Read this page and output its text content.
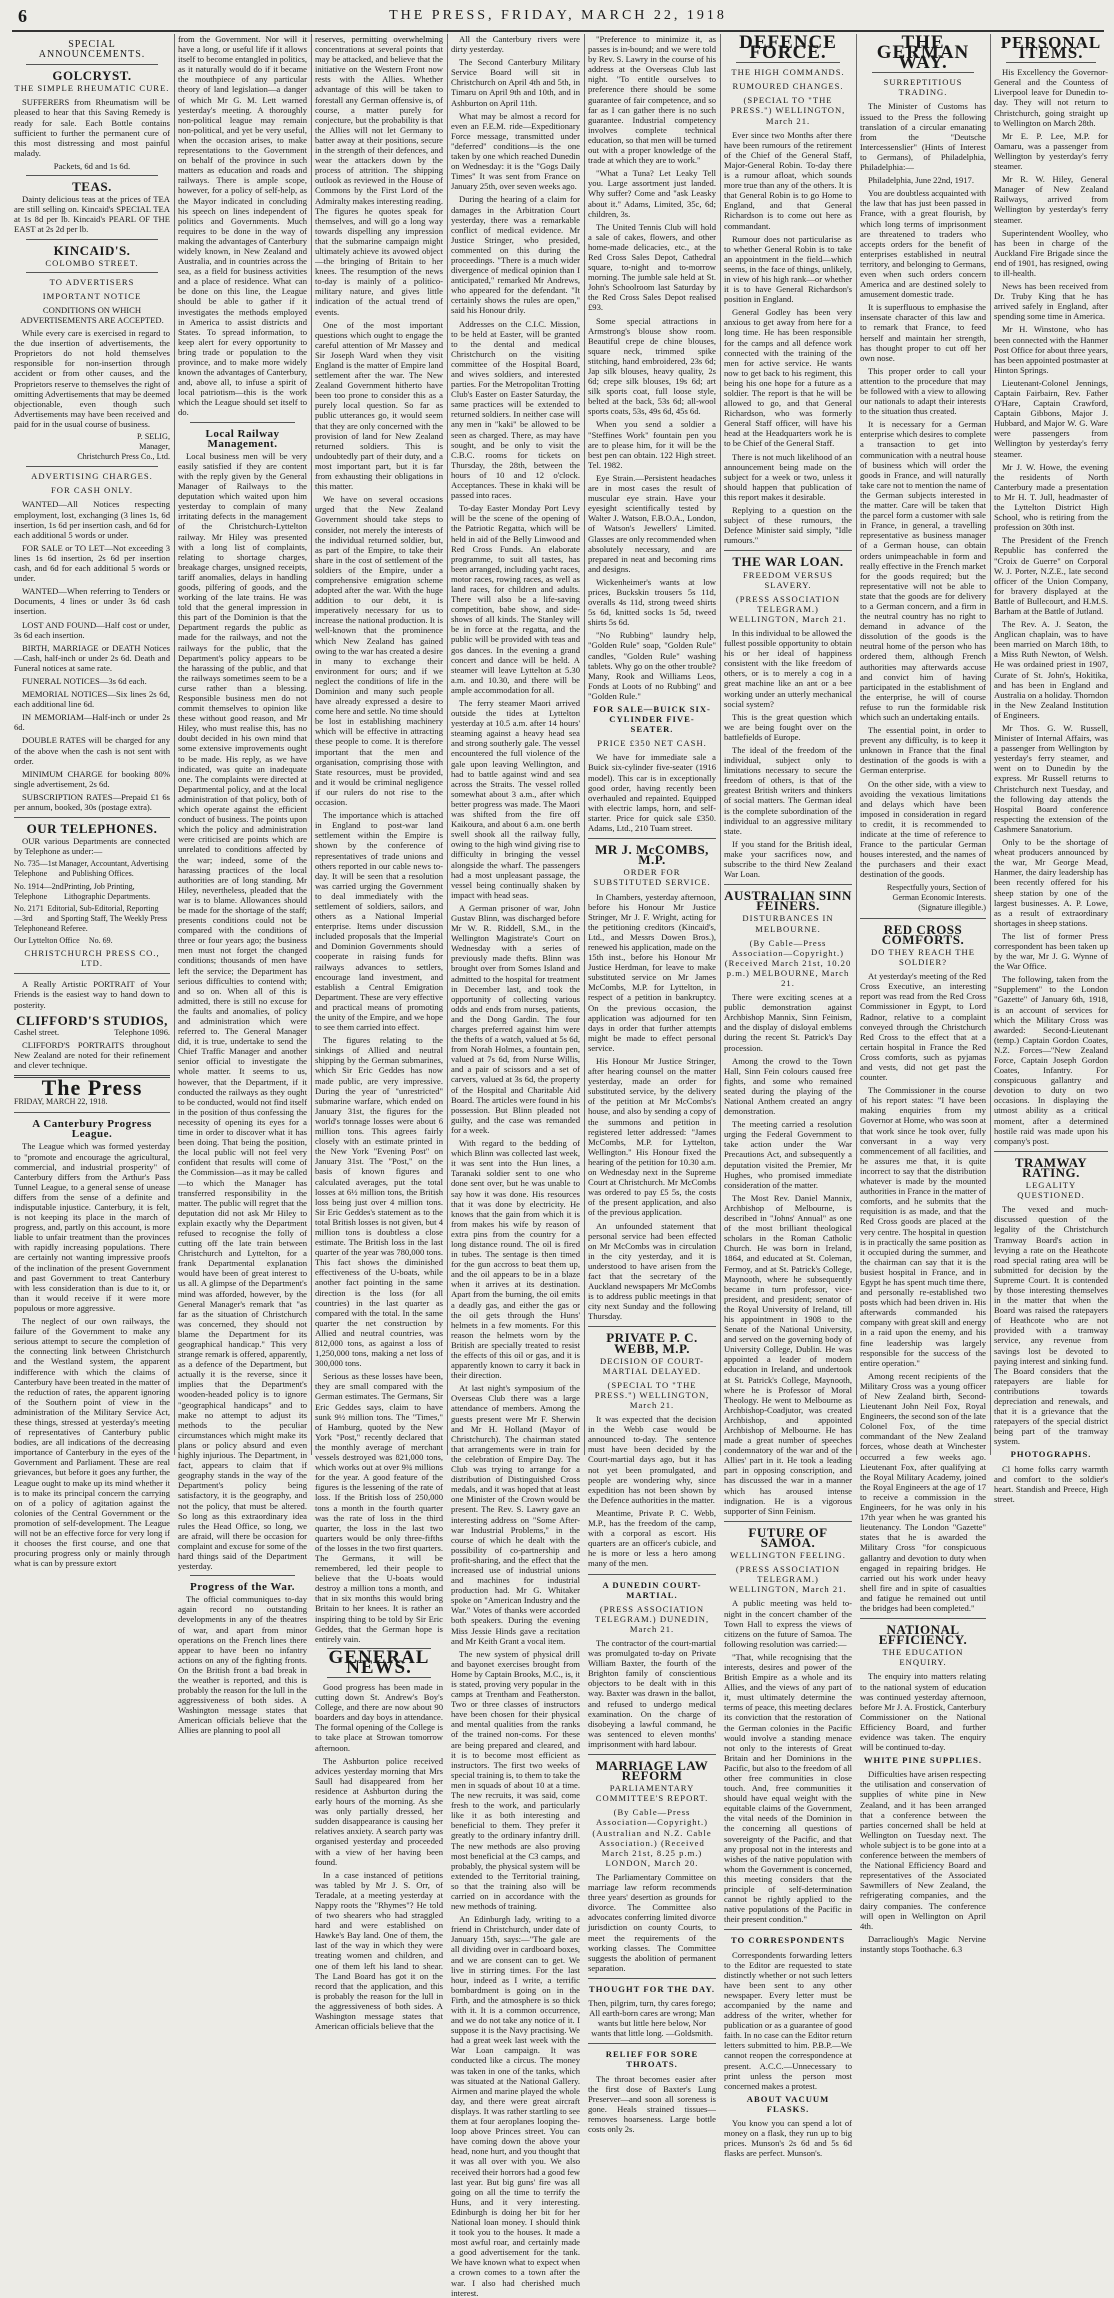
6	THE PRESS, FRIDAY, MARCH 22, 1918
SPECIAL ANNOUNCEMENTS.
GOLCRYST.
THE SIMPLE RHEUMATIC CURE.

SUFFERERS from Rheumatism will be pleased to hear that this Saving Remedy is ready for sale. Each Bottle contains sufficient to further the permanent cure of this most distressing and most painful malady.

Packets, 6d and 1s 6d.

TEAS.

Dainty delicious teas at the prices of TEA are still selling on. Kincaid's SPECIAL TEA at 1s 8d per lb. Kincaid's PEARL OF THE EAST at 2s 2d per lb.

KINCAID'S.
COLOMBO STREET.
TO ADVERTISERS
IMPORTANT NOTICE

CONDITIONS ON WHICH ADVERTISEMENTS ARE ACCEPTED.

While every care is exercised in regard to the due insertion of advertisements, the Proprietors do not hold themselves responsible for non-insertion through accident or from other causes, and the Proprietors reserve to themselves the right of omitting Advertisements that may be deemed objectionable, even though such Advertisements may have been received and paid for in the usual course of business.

P. SELIG,
Manager,
Christchurch Press Co., Ltd.
ADVERTISING CHARGES.
FOR CASH ONLY.

WANTED—All Notices respecting employment, lost, exchanging (3 lines 1s, 6d insertion, 1s 6d per insertion cash, and 6d for each additional 5 words or under.

FOR SALE or TO LET—Not exceeding 3 lines 1s 6d insertion, 2s 6d per insertion cash, and 6d for each additional 5 words or under.

WANTED—When referring to Tenders or Documents, 4 lines or under 3s 6d cash insertion.

LOST AND FOUND—Half cost or under, 3s 6d each insertion.

BIRTH, MARRIAGE or DEATH Notices—Cash, half-inch or under 2s 6d. Death and Funeral notices at same rate.

FUNERAL NOTICES—3s 6d each.

MEMORIAL NOTICES—Six lines 2s 6d, each additional line 6d.

IN MEMORIAM—Half-inch or under 2s 6d.

DOUBLE RATES will be charged for any of the above when the cash is not sent with order.

MINIMUM CHARGE for booking 80% single advertisement, 2s 6d.

SUBSCRIPTION RATES—Prepaid £1 6s per annum, booked, 30s (postage extra).

OUR TELEPHONES.

OUR various Departments are connected by Telephone as under:—

No. 735—1st Telephone
Manager, Accountant, Advertising and Publishing Offices.
No. 1914—2nd Telephone
Printing, Job Printing, Lithographic Departments.
No. 2171—3rd Telephone
Editorial, Sub-Editorial, Reporting and Sporting Staff, The Weekly Press and Referee.
Our Lyttelton Office	No. 69.
CHRISTCHURCH PRESS CO., LTD.

A Really Artistic PORTRAIT of Your Friends is the easiest way to hand down to posterity.

CLIFFORD'S STUDIOS,
Cashel street.	Telephone 1096.

CLIFFORD'S PORTRAITS throughout New Zealand are noted for their refinement and clever technique.

The Press
FRIDAY, MARCH 22, 1918.
A Canterbury Progress League.

The League which was formed yesterday to "promote and encourage the agricultural, commercial, and industrial prosperity" of Canterbury differs from the Arthur's Pass Tunnel League, to a general sense of unease differs from the sense of a definite and indisputable injustice. Canterbury, it is felt, is not keeping its place in the march of progress, and, partly on this account, is more liable to unfair treatment than the provinces with rapidly increasing populations. There are certainly not wanting impressive proofs of the inclination of the present Government and past Government to treat Canterbury with less consideration than is due to it, or than it would receive if it were more populous or more aggressive.

The neglect of our own railways, the failure of the Government to make any serious attempt to secure the completion of the connecting link between Christchurch and the Westland system, the apparent indifference with which the claims of Canterbury have been treated in the matter of the reduction of rates, the apparent ignoring of the Southern point of view in the administration of the Military Service Act, these things, stressed at yesterday's meeting of representatives of Canterbury public bodies, are all indications of the decreasing importance of Canterbury in the eyes of the Government and Parliament. These are real grievances, but before it goes any further, the League ought to make up its mind whether it is to make its principal concern the carrying on of a policy of agitation against the colonies of the Central Government or the promotion of self-development. The League will not be an effective force for very long if it chooses the first course, and one that procuring progress only or mainly through what is can by pressure extort

from the Government. Nor will it have a long, or useful life if it allows itself to become entangled in politics, as it naturally would do if it became the mouthpiece of any particular theory of land legislation—a danger of which Mr G. M. Lett warned yesterday's meeting. A thoroughly non-political league may remain non-political, and yet be very useful, when the occasion arises, to make representations to the Government on behalf of the province in such matters as education and roads and railways. There is ample scope, however, for a policy of self-help, as the Mayor indicated in concluding his speech on lines independent of politics and Governments. Much requires to be done in the way of making the advantages of Canterbury widely known, in New Zealand and Australia, and in countries across the sea, as a field for business activities and a place of residence. What can be done on this line, the League should be able to gather if it investigates the methods employed in America to assist districts and States. To spread information, to keep alert for every opportunity to bring trade or population to the province, and to make more widely known the advantages of Canterbury, and, above all, to infuse a spirit of local patriotism—this is the work which the League should set itself to do.

Local Railway Management.

Local business men will be very easily satisfied if they are content with the reply given by the General Manager of Railways to the deputation which waited upon him yesterday to complain of many irritating defects in the management of the Christchurch-Lyttelton railway. Mr Hiley was presented with a long list of complaints, relating to shortage charges, breakage charges, unsigned receipts, tariff anomalies, delays in handling goods, pilfering of goods, and the working of the late trains. He was told that the general impression in this part of the Dominion is that the Department regards the public as made for the railways, and not the railways for the public, that the Department's policy appears to be the harassing of the public, and that the railways sometimes seem to be a curse rather than a blessing. Responsible business men do not commit themselves to opinion like these without good reason, and Mr Hiley, who must realise this, has no doubt decided in his own mind that some extensive improvements ought to be made. His reply, as we have indicated, was quite an inadequate one. The complaints were directed at Departmental policy, and at the local administration of that policy, both of which operate against the efficient conduct of business. The points upon which the policy and administration were criticised are points which are unrelated to conditions affected by the war; indeed, some of the harassing practices of the local authorities are of long standing. Mr Hiley, nevertheless, pleaded that the war is to blame. Allowances should be made for the shortage of the staff; presents conditions could not be compared with the conditions of three or four years ago; the business men must not forget the changed conditions; thousands of men have left the service; the Department has serious difficulties to contend with; and so on. When all of this is admitted, there is still no excuse for the faults and anomalies, of policy and administration which were referred to. The General Manager did, it is true, undertake to send the Chief Traffic Manager and another senior official to investigate the whole matter. It seems to us, however, that the Department, if it conducted the railways as they ought to be conducted, would not find itself in the position of thus confessing the necessity of opening its eyes for a time in order to discover what it has been doing. That being the position, the local public will not feel very confident that results will come of the Commission—as it may be called—to which the Manager has transferred responsibility in the matter. The public will regret that the deputation did not ask Mr Hiley to explain exactly why the Department refused to recognise the folly of cutting off the late train between Christchurch and Lyttelton, for a frank Departmental explanation would have been of great interest to us all. A glimpse of the Department's mind was afforded, however, by the General Manager's remark that "as far as the situation of Christchurch was concerned, they should not blame the Department for its geographical handicap." This very strange remark is offered, apparently, as a defence of the Department, but actually it is the reverse, since it implies that the Department's wooden-headed policy is to ignore "geographical handicaps" and to make no attempt to adjust its methods to the peculiar circumstances which might make its plans or policy absurd and even highly injurious. The Department, in fact, appears to claim that if geography stands in the way of the Department's policy being satisfactory, it is the geography, and not the policy, that must be altered. So long as this extraordinary idea rules the Head Office, so long, we are afraid, will there be occasion for complaint and excuse for some of the hard things said of the Department yesterday.

Progress of the War.

The official communiques to-day again record no outstanding developments in any of the theatres of war, and apart from minor operations on the French lines there appear to have been no infantry actions on any of the fighting fronts. On the British front a bad break in the weather is reported, and this is probably the reason for the lull in the aggressiveness of both sides. A Washington message states that American officials believe that the Allies are planning to pool all

reserves, permitting overwhelming concentrations at several points that may be attacked, and believe that the initiative on the Western Front now rests with the Allies. Whether advantage of this will be taken to forestall any German offensive is, of course, a matter purely for conjecture, but the probability is that the Allies will not let Germany to batter away at their positions, secure in the strength of their defences, and wear the attackers down by the process of attrition. The shipping outlook as reviewed in the House of Commons by the First Lord of the Admiralty makes interesting reading. The figures he quotes speak for themselves, and will go a long way towards dispelling any impression that the submarine campaign might ultimately achieve its avowed object—the bringing of Britain to her knees. The resumption of the news to-day is mainly of a politico-military nature, and gives little indication of the actual trend of events.

One of the most important questions which ought to engage the careful attention of Mr Massey and Sir Joseph Ward when they visit England is the matter of Empire land settlement after the war. The New Zealand Government hitherto have been too prone to consider this as a purely local question. So far as public utterances go, it would seem that they are only concerned with the provision of land for New Zealand returned soldiers. This is undoubtedly part of their duty, and a most important part, but it is far from exhausting their obligations in this matter.

We have on several occasions urged that the New Zealand Government should take steps to consider, not merely the interests of the individual returned soldier, but, as part of the Empire, to take their share in the cost of settlement of the soldiers of the Empire, under a comprehensive emigration scheme adopted after the war. With the huge addition to our debt, it is imperatively necessary for us to increase the national production. It is well-known that the prominence which New Zealand has gained owing to the war has created a desire in many to exchange their environment for ours; and if we neglect the conditions of life in the Dominion and many such people have already expressed a desire to come here and settle. No time should be lost in establishing machinery which will be effective in attracting these people to come. It is therefore important that the men and organisation, comprising those with State resources, must be provided, and it would be criminal negligence if our rulers do not rise to the occasion.

The importance which is attached in England to post-war land settlement within the Empire is shown by the conference of representatives of trade unions and others reported in our cable news to-day. It will be seen that a resolution was carried urging the Government to deal immediately with the settlement of soldiers, sailors, and others as a National Imperial enterprise. Items under discussion included proposals that the Imperial and Dominion Governments should cooperate in raising funds for railways advances to settlers, encourage land investment, and establish a Central Emigration Department. These are very effective and practical means of promoting the unity of the Empire, and we hope to see them carried into effect.

The figures relating to the sinkings of Allied and neutral shipping by the German submarines, which Sir Eric Geddes has now made public, are very impressive. During the year of "unrestricted" submarine warfare, which ended on January 31st, the figures for the world's tonnage losses were about 6 million tons. This agrees fairly closely with an estimate printed in the New York "Evening Post" on January 31st. The "Post," on the basis of known figures and calculated averages, put the total losses at 6½ million tons, the British loss being just over 4 million tons. Sir Eric Geddes's statement as to the total British losses is not given, but 4 million tons is doubtless a close estimate. The British loss in the last quarter of the year was 780,000 tons. This fact shows the diminished effectiveness of the U-boats, while another fact pointing in the same direction is the loss (for all countries) in the last quarter as compared with the total. In the same quarter the net construction by Allied and neutral countries, was 812,000 tons, as against a loss of 1,250,000 tons, making a net loss of 300,000 tons.

Serious as these losses have been, they are small compared with the German estimates. The Germans, Sir Eric Geddes says, claim to have sunk 9½ million tons. The "Times," of Hamburg, quoted by the New York "Post," recently declared that the monthly average of merchant vessels destroyed was 821,000 tons, which works out at over 9¾ millions for the year. A good feature of the figures is the lessening of the rate of loss. If the British loss of 250,000 tons a month in the fourth quarter was the rate of loss in the third quarter, the loss in the last two quarters would be only three-fifths of the losses in the two first quarters. The Germans, it will be remembered, led their people to believe that the U-boats would destroy a million tons a month, and that in six months this would bring Britain to her knees. It is rather an inspiring thing to be told by Sir Eric Geddes, that the German hope is entirely vain.

GENERAL NEWS.

Good progress has been made in cutting down St. Andrew's Boy's College, and there are now about 90 boarders and day boys in attendance. The formal opening of the College is to take place at Strowan tomorrow afternoon.

The Ashburton police received advices yesterday morning that Mrs Saull had disappeared from her residence at Ashburton during the early hours of the morning. As she was only partially dressed, her sudden disappearance is causing her relatives anxiety. A search party was organised yesterday and proceeded with a view of her having been found.

In a case instanced of petitions was tabled by Mr J. S. Orr, of Teradale, at a meeting yesterday at Nappy roots the "Rhymes"? He told of two shearers who had straggled hard and were established on Hawke's Bay land. One of them, the last of the way in which they were treating women and children, and one of them left his land to shear. The Land Board has got it on the record that the application, and this is probably the reason for the lull in the aggressiveness of both sides. A Washington message states that American officials believe that the

All the Canterbury rivers were dirty yesterday.

The Second Canterbury Military Service Board will sit in Christchurch on April 4th and 5th, in Timaru on April 9th and 10th, and in Ashburton on April 11th.

What may be almost a record for even an F.E.M. ride—Expeditionary Force message, transmitted under "deferred" conditions—is the one taken by one which reached Dunedin on Wednesday: it is the "Gogs Daily Times" It was sent from France on January 25th, over seven weeks ago.

During the hearing of a claim for damages in the Arbitration Court yesterday, there was a remarkable conflict of medical evidence. Mr Justice Stringer, who presided, commented on this during the proceedings. "There is a much wider divergence of medical opinion than I anticipated," remarked Mr Andrews, who appeared for the defendant. "It certainly shows the rules are open," said his Honour drily.

Addresses on the C.I.C. Mission, to be held at Easter, will be granted to the dental and medical Christchurch on the visiting committee of the Hospital Board, and wives soldiers, and interested parties. For the Metropolitan Trotting Club's Easter on Easter Saturday, the same practices will be extended to returned soldiers. In neither case will any men in "kaki" be allowed to be seen as charged. There, as may have sought, and be only to visit the C.B.C. rooms for tickets on Thursday, the 28th, between the hours of 10 and 12 o'clock. Acceptances. These in khaki will be passed into races.

To-day Easter Monday Port Levy will be the scene of the opening of the Patriotic Regatta, which will be held in aid of the Belly Linwood and Red Cross Funds. An elaborate programme, to suit all tastes, has been arranged, including yacht races, motor races, rowing races, as well as land races, for children and adults. There will also be a life-saving competition, babe show, and side-shows of all kinds. The Stanley will be in force at the regatta, and the public will be provided with teas and gos dances. In the evening a grand concert and dance will be held. A steamer will leave Lyttelton at 5.30 a.m. and 10.30, and there will be ample accommodation for all.

The ferry steamer Maori arrived outside the tides at Lyttelton yesterday at 10.5 a.m. after 14 hours' steaming against a heavy head sea and strong southerly gale. The vessel encountered the full violence of the gale upon leaving Wellington, and had to battle against wind and sea across the Straits. The vessel rolled somewhat about 3 a.m., after which better progress was made. The Maori was shifted from the fire off Kaikoura, and about 6 a.m. one berth swell shook all the railway fully, owing to the high wind giving rise to difficulty in bringing the vessel alongside the wharf. The passengers had a most unpleasant passage, the vessel being continually shaken by impact with head seas.

A German prisoner of war, John Gustav Blinn, was discharged before Mr W. R. Riddell, S.M., in the Wellington Magistrate's Court on Wednesday with a series of previously made thefts. Blinn was brought over from Somes Island and admitted to the hospital for treatment in December last, and took the opportunity of collecting various odds and ends from nurses, patients, and the Dong Gardin. The four charges preferred against him were the thefts of a watch, valued at 5s 6d, from Norah Holmes, a fountain pen, valued at 7s 6d, from Nurse Willis, and a pair of scissors and a set of carvers, valued at 3s 6d, the property of the Hospital and Charitable Aid Board. The articles were found in his possession. But Blinn pleaded not guilty, and the case was remanded for a week.

With regard to the bedding of which Blinn was collected last week, it was sent into the Hun lines, a Taranaki soldier sent to one who done sent over, but he was unable to say how it was done. His resources that it was done by electricity. He knows that the gain from which it is from makes his wife by reason of extra pins from the country for a long distance round. The oil is fired in tubes. The sentage is then timed for the gun accross to beat them up, and the oil appears to be in a blaze when it arrives at its destination. Apart from the burning, the oil emits a deadly gas, and either the gas or the oil gets through the Huns' helmets in a few moments. For this reason the helmets worn by the British are specially treated to resist the effects of this oil or gas, and it is apparently known to carry it back in their direction.

At last night's symposium of the Overseas Club there was a large attendance of members. Among the guests present were Mr F. Sherwin and Mr H. Holland (Mayor of Christchurch). The chairman stated that arrangements were in train for the celebration of Empire Day. The Club was trying to arrange for a distribution of Distinguished Cross medals, and it was hoped that at least one Minister of the Crown would be present. The Rev. S. Lawry gave an interesting address on "Some After-war Industrial Problems," in the course of which he dealt with the possibility of co-partnership and profit-sharing, and the effect that the increased use of industrial unions and machines for industrial production had. Mr G. Whitaker spoke on "American Industry and the War." Votes of thanks were accorded both speakers. During the evening Miss Jessie Hinds gave a recitation and Mr Keith Grant a vocal item.

The new system of physical drill and bayonet exercises brought from Home by Captain Brooks, M.C., is, it is stated, proving very popular in the camps at Trentham and Featherston. Two or three classes of instructors have been chosen for their physical and mental qualities from the ranks of the trained non-coms. For these are being prepared and cleared, and it is to become most efficient as instructors. The first two weeks of special training is, to them to take the men in squads of about 10 at a time. The new recruits, it was said, come fresh to the work, and particularly like it as both interesting and beneficial to them. They prefer it greatly to the ordinary infantry drill. The new methods are also proving most beneficial at the C3 camps, and probably, the physical system will be extended to the Territorial training, so that the training also will be carried on in accordance with the new methods of training.

An Edinburgh lady, writing to a friend in Christchurch, under date of January 15th, says:—"The gale are all dividing over in cardboard boxes, and we are consent can to get. We live in stirring times. For the last hour, indeed as I write, a terrific bombardment is going on in the Firth, and the atmosphere is so thick with it. It is a common occurrence, and we do not take any notice of it. I suppose it is the Navy practising. We had a great week last week with the War Loan campaign. It was conducted like a circus. The money was taken in one of the tanks, which was situated at the National Gallery. Airmen and marine played the whole day, and there were great aircraft displays. It was rather startling to see them at four aeroplanes looping the-loop above Princes street. You can have coming down the above your head, none hurt, and you thought that it was all over with you. We also received their horrors had a good few last year. But big guns' fire was all going on all the time to terrify the Huns, and it very interesting. Edinburgh is doing her bit for her National loan money. I should think it took you to the houses. It made a most awful roar, and certainly made a good advertisement for the tank. We have known what to expect when a crown comes to a town after the war. I also had cherished much interest.

"Preference to minimize it, as passes is in-bound; and we were told by Rev. S. Lawry in the course of his address at the Overseas Club last night. "To entitle ourselves to preference there should be some guarantee of fair competence, and so far as I can gather there is no such guarantee. Industrial competency involves complete technical education, so that men will be turned out with a proper knowledge of the trade at which they are to work."

"What a Tuna? Let Leaky Tell you. Large assortment just landed. Why suffer? Come and "ask Leasky about it." Adams, Limited, 35c, 6d; children, 3s.

The United Tennis Club will hold a sale of cakes, flowers, and other home-made delicacies, etc., at the Red Cross Sales Depot, Cathedral square, to-night and to-morrow morning. The jumble sale held at St. John's Schoolroom last Saturday by the Red Cross Sales Depot realised £93.

Some special attractions in Armstrong's blouse show room. Beautiful crepe de chine blouses, square neck, trimmed spike stitching, hand embroidered, 23s 6d; Jap silk blouses, heavy quality, 2s 6d; crepe silk blouses, 19s 6d; art silk sports coat, full loose style, belted at the back, 53s 6d; all-wool sports coats, 53s, 49s 6d, 45s 6d.

When you send a soldier a "Steffines Work" fountain pen you are to please him, for it will be the best pen can obtain. 122 High street. Tel. 1982.

Eye Strain.—Persistent headaches are in most cases the result of muscular eye strain. Have your eyesight scientifically tested by Walter J. Watson, F.B.O.A., London, of Watson's Jewellers' Limited. Glasses are only recommended when absolutely necessary, and are prepared in neat and becoming rims and designs.

Wickenheimer's wants at low prices, Buckskin trousers 5s 11d, overalls 4s 11d, strong tweed shirts 5s 6d, knitted socks 1s 5d, tweed shirts 5s 6d.

"No Rubbing" laundry help, "Golden Rule" soap, "Golden Rule" candles, "Golden Rule" washing tablets. Why go on the other trouble? Many, Rook and Williams Leos, Fonds at Loots of no Rubbing" and "Golden Rule."

FOR SALE—BUICK SIX-CYLINDER FIVE-SEATER.
PRICE £350 NET CASH.

We have for immediate sale a Buick six-cylinder five-seater (1916 model). This car is in exceptionally good order, having recently been overhauled and repainted. Equipped with electric lamps, horn, and self-starter. Price for quick sale £350. Adams, Ltd., 210 Tuam street.

MR J. McCOMBS, M.P.
ORDER FOR SUBSTITUTED SERVICE.

In Chambers, yesterday afternoon, before his Honour Mr Justice Stringer, Mr J. F. Wright, acting for the petitioning creditors (Kincaid's, Ltd., and Messrs Dowen Bros.), renewed his application, made on the 15th inst., before his Honour Mr Justice Herdman, for leave to make substituted service on Mr James McCombs, M.P. for Lyttelton, in respect of a petition in bankruptcy. On the previous occasion, the application was adjourned for ten days in order that further attempts might be made to effect personal service.

His Honour Mr Justice Stringer, after hearing counsel on the matter yesterday, made an order for substituted service, by the delivery of the petition at Mr McCombs's house, and also by sending a copy of the summons and petition in registered letter addressed: "James McCombs, M.P. for Lyttelton, Wellington." His Honour fixed the hearing of the petition for 10.30 a.m. on Wednesday next in the Supreme Court at Christchurch. Mr McCombs was ordered to pay £5 5s, the costs of the present application, and also of the previous application.

An unfounded statement that personal service had been effected on Mr McCombs was in circulation in the city yesterday, and it is understood to have arisen from the fact that the secretary of the Auckland newspapers Mr McCombs is to address public meetings in that city next Sunday and the following Thursday.

PRIVATE P. C. WEBB, M.P.
DECISION OF COURT-MARTIAL DELAYED.
(SPECIAL TO "THE PRESS.") WELLINGTON, March 21.

It was expected that the decision in the Webb case would be announced to-day. The sentence must have been decided by the Court-martial days ago, but it has not yet been promulgated, and people are wondering why, since expedition has not been shown by the Defence authorities in the matter.

Meantime, Private P. C. Webb, M.P., has the freedom of the camp, with a corporal as escort. His quarters are an officer's cubicle, and he is more or less a hero among many of the men.

A DUNEDIN COURT-MARTIAL.
(PRESS ASSOCIATION TELEGRAM.) DUNEDIN, March 21.

The contractor of the court-martial was promulgated to-day on Private William Baxter, the fourth of the Brighton family of conscientious objectors to be dealt with in this way. Baxter was drawn in the ballot, and refused to undergo medical examination. On the charge of disobeying a lawful command, he was sentenced to eleven months' imprisonment with hard labour.

MARRIAGE LAW REFORM
PARLIAMENTARY COMMITTEE'S REPORT.
(By Cable—Press Association—Copyright.) (Australian and N.Z. Cable Association.) (Received March 21st, 8.25 p.m.) LONDON, March 20.

The Parliamentary Committee on marriage law reform recommends three years' desertion as grounds for divorce. The Committee also advocates conferring limited divorce jurisdiction on county Courts, to meet the requirements of the working classes. The Committee suggests the abolition of permanent separation.

THOUGHT FOR THE DAY.

Then, pilgrim, turn, thy cares forego; All earth-born cares are wrong; Man wants but little here below, Nor wants that little long. —Goldsmith.

RELIEF FOR SORE THROATS.

The throat becomes easier after the first dose of Baxter's Lung Preserver—and soon all soreness is gone. Heals strained tissues—removes hoarseness. Large bottle costs only 2s.

DEFENCE FORCE.
THE HIGH COMMANDS.
RUMOURED CHANGES.
(SPECIAL TO "THE PRESS.") WELLINGTON, March 21.

Ever since two Months after there have been rumours of the retirement of the Chief of the General Staff, Major-General Robin. To-day there is a rumour afloat, which sounds more true than any of the others. It is that General Robin is to go Home to England, and that General Richardson is to come out here as commandant.

Rumour does not particularise as to whether General Robin is to take an appointment in the field—which seems, in the face of things, unlikely, in view of his high rank—or whether it is to have General Richardson's position in England.

General Godley has been very anxious to get away from here for a long time. He has been responsible for the camps and all defence work connected with the training of the men for active service. He wants now to get back to his regiment, this being his one hope for a future as a soldier. The report is that he will be allowed to go, and that General Richardson, who was formerly General Staff officer, will have his head at the Headquarters work he is to be Chief of the General Staff.

There is not much likelihood of an announcement being made on the subject for a week or two, unless it should happen that publication of this report makes it desirable.

Replying to a question on the subject of these rumours, the Defence Minister said simply, "Idle rumours."

THE WAR LOAN.
FREEDOM VERSUS SLAVERY.
(PRESS ASSOCIATION TELEGRAM.) WELLINGTON, March 21.

In this individual to be allowed the fullest possible opportunity to obtain his or her ideal of happiness consistent with the like freedom of others, or is to merely a cog in a great machine like an ant or a bee working under an utterly mechanical social system?

This is the great question which we are being fought over on the battlefields of Europe.

The ideal of the freedom of the individual, subject only to limitations necessary to secure the freedom of others, is that of the greatest British writers and thinkers of social matters. The German ideal is the complete subordination of the individual to an aggressive military state.

If you stand for the British ideal, make your sacrifices now, and subscribe to the third New Zealand War Loan.

AUSTRALIAN SINN FEINERS.
DISTURBANCES IN MELBOURNE.
(By Cable—Press Association—Copyright.) (Received March 21st, 10.20 p.m.) MELBOURNE, March 21.

There were exciting scenes at a public demonstration against Archbishop Mannix, Sinn Feinism, and the display of disloyal emblems during the recent St. Patrick's Day procession.

Among the crowd to the Town Hall, Sinn Fein colours caused free fights, and some who remained seated during the playing of the National Anthem created an angry demonstration.

The meeting carried a resolution urging the Federal Government to take action under the War Precautions Act, and subsequently a deputation visited the Premier, Mr Hughes, who promised immediate consideration of the matter.

The Most Rev. Daniel Mannix, Archbishop of Melbourne, is described in "Johns' Annual" as one of the most brilliant theological scholars in the Roman Catholic Church. He was born in Ireland, 1864, and educated at St. Coleman, Fermoy, and at St. Patrick's College, Maynooth, where he subsequently became in turn professor, vice-president, and president; senator of the Royal University of Ireland, till his appointment in 1908 to the Senate of the National University, and served on the governing body of University College, Dublin. He was appointed a leader of modern education in Ireland, and undertook at St. Patrick's College, Maynooth, where he is Professor of Moral Theology. He went to Melbourne as Archbishop-Coadjutor, was created Archbishop, and appointed Archbishop of Melbourne. He has made a great number of speeches condemnatory of the war and of the Allies' part in it. He took a leading part in opposing conscription, and has discussed the war in a manner which has aroused intense indignation. He is a vigorous supporter of Sinn Feinism.

FUTURE OF SAMOA.
WELLINGTON FEELING.
(PRESS ASSOCIATION TELEGRAM.) WELLINGTON, March 21.

A public meeting was held to-night in the concert chamber of the Town Hall to express the views of citizens on the future of Samoa. The following resolution was carried:—

"That, while recognising that the interests, desires and power of the British Empire as a whole and its Allies, and the views of any part of it, must ultimately determine the terms of peace, this meeting declares its conviction that the restoration of the German colonies in the Pacific would involve a standing menace not only to the interests of Great Britain and her Dominions in the Pacific, but also to the freedom of all other free communities in close touch. And, free communities it should have equal weight with the equitable claims of the Government, the vital needs of the Dominion in the concerning all questions of sovereignty of the Pacific, and that any proposal not in the interests and wishes of the native population with whom the Government is concerned, this meeting considers that the principle of self-determination cannot be rightly applied to the native populations of the Pacific in their present condition."

TO CORRESPONDENTS

Correspondents forwarding letters to the Editor are requested to state distinctly whether or not such letters have been sent to any other newspaper. Every letter must be accompanied by the name and address of the writer, whether for publication or as a guarantee of good faith. In no case can the Editor return letters submitted to him. P.B.P.—We cannot reopen the correspondence at present. A.C.C.—Unnecessary to print unless the person most concerned makes a protest.

ABOUT VACUUM FLASKS.

You know you can spend a lot of money on a flask, they run up to big prices. Munson's 2s 6d and 5s 6d flasks are perfect. Munson's.

THE GERMAN WAY.
SURREPTITIOUS TRADING.

The Minister of Customs has issued to the Press the following translation of a circular emanating from the "Deutsche Intercessenslier" (Hints of Interest to Germans), of Philadelphia, Philadelphia:—

Philadelphia, June 22nd, 1917.

You are doubtless acquainted with the law that has just been passed in France, with a great flourish, by which long terms of imprisonment are threatened to traders who accepts orders for the benefit of enterprises established in neutral territory, and belonging to Germans, even when such orders concern America and are destined solely to amusement domestic trade.

It is superfluous to emphasise the insensate character of this law and to remark that France, to feed herself and maintain her strength, has thought proper to cut off her own nose.

This proper order to call your attention to the procedure that may be followed with a view to allowing our nationals to adapt their interests to the situation thus created.

It is necessary for a German enterprise which desires to complete a transaction to get into communication with a neutral house of business which will order the goods in France, and will naturally take care not to mention the name of the German subjects interested in the matter. Care will be taken that the parcel form a customer with sale in France, in general, a travelling representative as business manager of a German house, can obtain orders unimpeachable in form and really effective in the French market for the goods required; but the representative will not be able to state that the goods are for delivery to a German concern, and a firm in the neutral country has no right to demand in advance of the dissolution of the goods is the neutral home of the person who has ordered them, although French authorities may afterwards accuse and convict him of having participated in the establishment of the enterprise, he will of course refuse to run the formidable risk which such an undertaking entails.

The essential point, in order to prevent any difficulty, is to keep it unknown in France that the final destination of the goods is with a German enterprise.

On the other side, with a view to avoiding the vexatious limitations and delays which have been imposed in consideration in regard to credit, it is recommended to indicate at the time of reference to France to the particular German houses interested, and the names of the purchasers and their exact destination of the goods.

Respectfully yours, Section of German Economic Interests. (Signature illegible.)
RED CROSS COMFORTS.
DO THEY REACH THE SOLDIER?

At yesterday's meeting of the Red Cross Executive, an interesting report was read from the Red Cross Commissioner in Egypt, to Lord Radnor, relative to a complaint conveyed through the Christchurch Red Cross to the effect that at a certain hospital in France the Red Cross comforts, such as pyjamas and vests, did not get past the counter.

The Commissioner in the course of his report states: "I have been making enquiries from my Governor at Home, who was soon at that work since he took over, fully conversant in a way very commencement of all facilities, and he assures me that, it is quite incorrect to say that the distribution whatever is made by the mounted authorities in France in the matter of comforts, and he submits that the requisition is as made, and that the Red Cross goods are placed at the very centre. The hospital in question is in practically the same position as it occupied during the summer, and the chairman can say that it is the busiest hospital in France, and in Egypt he has spent much time there, and personally re-established two posts which had been driven in. His afterwards commanded his company with great skill and energy in a raid upon the enemy, and his fine leadership was largely responsible for the success of the entire operation."

Among recent recipients of the Military Cross was a young officer of New Zealand birth, Second-Lieutenant John Neil Fox, Royal Engineers, the second son of the late Colonel Fox, of the time commandant of the New Zealand forces, whose death at Winchester occurred a few weeks ago. Lieutenant Fox, after qualifying at the Royal Military Academy, joined the Royal Engineers at the age of 17 to receive a commission in the Engineers, for he was only in his 17th year when he was granted his lieutenancy. The London "Gazette" states that he is awarded the Military Cross "for conspicuous gallantry and devotion to duty when engaged in repairing bridges. He carried out his work under heavy shell fire and in spite of casualties and fatigue he remained out until the bridges had been completed."

NATIONAL EFFICIENCY.
THE EDUCATION ENQUIRY.

The enquiry into matters relating to the national system of education was continued yesterday afternoon, before Mr J. A. Frostick, Canterbury Commissioner on the National Efficiency Board, and further evidence was taken. The enquiry will be continued to-day.

WHITE PINE SUPPLIES.

Difficulties have arisen respecting the utilisation and conservation of supplies of white pine in New Zealand, and it has been arranged that a conference between the parties concerned shall be held at Wellington on Tuesday next. The whole subject is to be gone into at a conference between the members of the National Efficiency Board and representatives of the Associated Sawmillers of New Zealand, the refrigerating companies, and the dairy companies. The conference will open in Wellington on April 4th.

Darracliough's Magic Nervine instantly stops Toothache. 6.3

PERSONAL ITEMS.

His Excellency the Governor-General and the Countess of Liverpool leave for Dunedin to-day. They will not return to Christchurch, going straight up to Wellington on March 28th.

Mr E. P. Lee, M.P. for Oamaru, was a passenger from Wellington by yesterday's ferry steamer.

Mr R. W. Hiley, General Manager of New Zealand Railways, arrived from Wellington by yesterday's ferry steamer.

Superintendent Woolley, who has been in charge of the Auckland Fire Brigade since the end of 1901, has resigned, owing to ill-health.

News has been received from Dr. Truby King that he has arrived safely in England, after spending some time in America.

Mr H. Winstone, who has been connected with the Hanmer Post Office for about three years, has been appointed postmaster at Hinton Springs.

Lieutenant-Colonel Jennings, Captain Fairbairn, Rev. Father O'Hare, Captain Crawford, Captain Gibbons, Major J. Hubbard, and Major W. G. Ware were passengers from Wellington by yesterday's ferry steamer.

Mr J. W. Howe, the evening the residents of North Canterbury made a presentation to Mr H. T. Jull, headmaster of the Lyttelton District High School, who is retiring from the profession on 30th inst.

The President of the French Republic has conferred the "Croix de Guerre" on Corporal W. J. Porter, N.Z.E., late second officer of the Union Company, for bravery displayed at the Battle of Bullecourt, and H.M.S. Barham at the Battle of Jutland.

The Rev. A. J. Seaton, the Anglican chaplain, was to have been married on March 18th, to a Miss Ruth Newton, of Welsh. He was ordained priest in 1907, Curate of St. John's, Hokitika, and has been in England and Australia on a holiday. Thorndon in the New Zealand Institution of Engineers.

Mr Thos. G. W. Russell, Minister of Internal Affairs, was a passenger from Wellington by yesterday's ferry steamer, and went on to Dunedin by the express. Mr Russell returns to Christchurch next Tuesday, and the following day attends the Hospital Board conference respecting the extension of the Cashmere Sanatorium.

Only to be the shortage of wheat producers announced by the war, Mr George Mead, Hanmer, the dairy leadership has been recently offered for his sheep station by one of the largest businesses. A. P. Lowe, as a result of extraordinary shortages in sheep stations.

The list of former Press correspondent has been taken up by the war, Mr J. G. Wynne of the War Office.

The following, taken from the "Supplement" to the London "Gazette" of January 6th, 1918, is an account of services for which the Military Cross was awarded: Second-Lieutenant (temp.) Captain Gordon Coates, N.Z. Forces—"New Zealand Force, Captain Joseph Gordon Coates, Infantry. For conspicuous gallantry and devotion to duty on two occasions. In displaying the utmost ability as a critical moment, after a determined hostile raid was made upon his company's post.

TRAMWAY RATING.
LEGALITY QUESTIONED.

The vexed and much-discussed question of the legality of the Christchurch Tramway Board's action in levying a rate on the Heathcote road special rating area will be submitted for decision by the Supreme Court. It is contended by those interesting themselves in the matter that when the Board was raised the ratepayers of Heathcote who are not provided with a tramway service, any revenue from savings lost be devoted to paying interest and sinking fund. The Board considers that the ratepayers are liable for contributions towards depreciation and renewals, and that it is a grievance that the ratepayers of the special district being part of the tramway system.

PHOTOGRAPHS.

Cl home folks carry warmth and comfort to the soldier's heart. Standish and Preece, High street.
